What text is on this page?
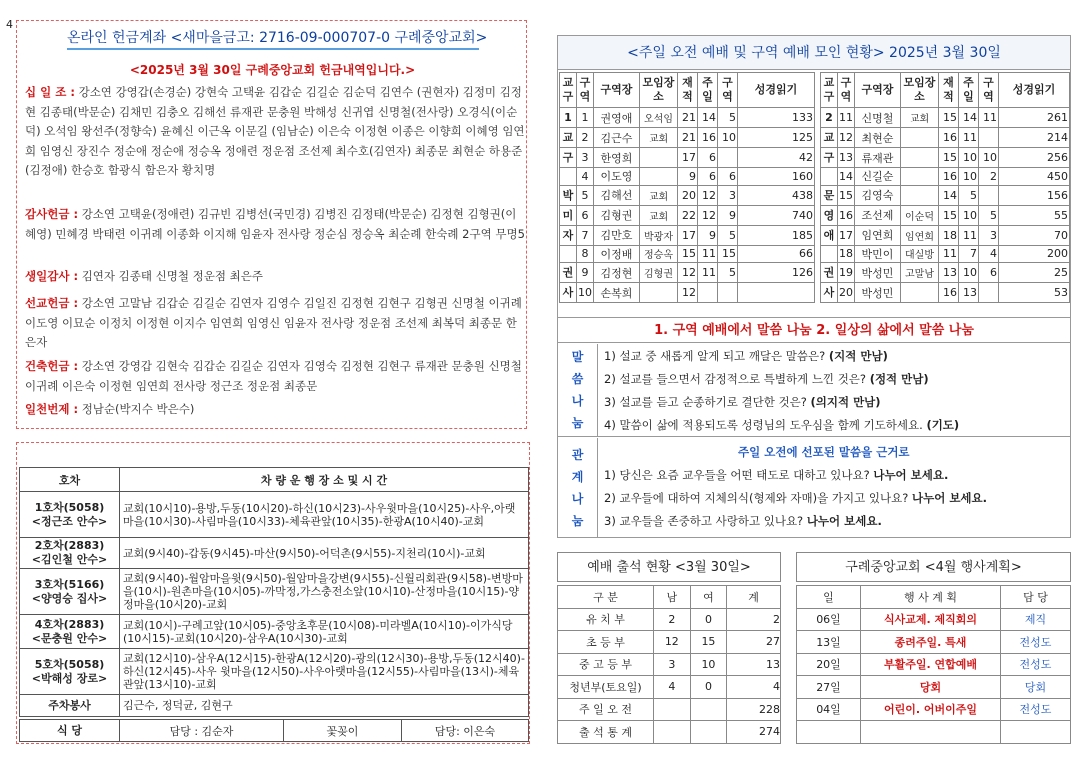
4
온라인 헌금계좌 <새마을금고: 2716-09-000707-0 구례중앙교회>
<2025년 3월 30일 구례중앙교회 헌금내역입니다.>
십 일 조 : 강소연 강영갑(손경순) 강현숙 고택윤 김갑순 김길순 김순덕 김연수 (권현자) 김정미 김정현 김종태(박문순) 김채민 김충오 김해선 류재관 문충원 박해성 신귀엽 신명철(전사랑) 오경식(이순덕) 오석임 왕선주(정향숙) 윤혜신 이근옥 이문길 (임남순) 이은숙 이정현 이종은 이향희 이혜영 임연희 임영신 장진수 정순애 정순애 정승옥 정애련 정운점 조선제 최수호(김연자) 최종문 최현순 하용준(김정애) 한승호 함광식 함은자 황치명
감사헌금 : 강소연 고택윤(정애련) 김규빈 김병선(국민경) 김병진 김정태(박문순) 김정현 김형권(이혜영) 민혜경 박태련 이귀례 이종화 이지해 임윤자 전사랑 정순심 정승옥 최순례 한숙례 2구역 무명5
생일감사 : 김연자 김종태 신명철 정운점 최은주
선교헌금 : 강소연 고말남 김갑순 김길순 김연자 김영수 김일진 김정현 김현구 김형권 신명철 이귀례 이도영 이묘순 이정치 이정현 이지수 임연희 임영신 임윤자 전사랑 정운점 조선제 최복덕 최종문 한은자
건축헌금 : 강소연 강영갑 김현숙 김갑순 김길순 김연자 김영숙 김정현 김현구 류재관 문충원 신명철 이귀례 이은숙 이정현 임연희 전사랑 정근조 정운점 최종문
일천번제 : 정남순(박지수 박은수)
호차	차 량 운 행 장 소 및 시 간
1호차(5058)
<정근조 안수>	교회(10시10)-용방,두동(10시20)-하신(10시23)-사우윗마을(10시25)-사우,아랫마을(10시30)-사림마을(10시33)-체육관앞(10시35)-한광A(10시40)-교회
2호차(2883)
<김인철 안수>	교회(9시40)-갑동(9시45)-마산(9시50)-어덕촌(9시55)-지천리(10시)-교회
3호차(5166)
<양영승 집사>	교회(9시40)-월암마을윗(9시50)-월암마을강변(9시55)-신월리회관(9시58)-변방마을(10시)-원촌마을(10시05)-까막정,가스충전소앞(10시10)-산정마을(10시15)-양정마을(10시20)-교회
4호차(2883)
<문충원 안수>	교회(10시)-구례고앞(10시05)-중앙초후문(10시08)-미라벨A(10시10)-이가식당(10시15)-교회(10시20)-삼우A(10시30)-교회
5호차(5058)
<박해성 장로>	교회(12시10)-삼우A(12시15)-한광A(12시20)-광의(12시30)-용방,두동(12시40)-하신(12시45)-사우 윗마을(12시50)-사우아랫마을(12시55)-사림마을(13시)-체육관앞(13시10)-교회
주차봉사	김근수, 정덕균, 김현구
식 당	담당 : 김순자	꽃꽂이	담당: 이은숙
<주일 오전 예배 및 구역 예배 모인 현황> 2025년 3월 30일
교구	구역	구역장	모임장소	재적	주일	구역	성경읽기
1	1	권영애	오석임	21	14	5	133
교	2	김근수	교회	21	16	10	125
구	3	한영희		17	6		42
	4	이도영		9	6	6	160
박	5	김해선	교회	20	12	3	438
미	6	김형권	교회	22	12	9	740
자	7	김만호	박광자	17	9	5	185
	8	이정배	정승옥	15	11	15	66
권	9	김정현	김형권	12	11	5	126
사	10	손복희		12			
교구	구역	구역장	모임장소	재적	주일	구역	성경읽기
2	11	신명철	교회	15	14	11	261
교	12	최현순		16	11		214
구	13	류재관		15	10	10	256
	14	신길순		16	10	2	450
문	15	김영숙		14	5		156
영	16	조선제	이순덕	15	10	5	55
애	17	임연희	임연희	18	11	3	70
	18	박민이	대실방	11	7	4	200
권	19	박성민	고말남	13	10	6	25
사	20	박성민		16	13		53
1. 구역 예배에서 말씀 나눔 2. 일상의 삶에서 말씀 나눔
말
씀
나
눔
1) 설교 중 새롭게 알게 되고 깨달은 말씀은? (지적 만남)
2) 설교를 들으면서 감정적으로 특별하게 느낀 것은? (정적 만남)
3) 설교를 듣고 순종하기로 결단한 것은? (의지적 만남)
4) 말씀이 삶에 적용되도록 성령님의 도우심을 함께 기도하세요. (기도)
관
계
나
눔
주일 오전에 선포된 말씀을 근거로
1) 당신은 요즘 교우들을 어떤 태도로 대하고 있나요? 나누어 보세요.
2) 교우들에 대하여 지체의식(형제와 자매)을 가지고 있나요? 나누어 보세요.
3) 교우들을 존중하고 사랑하고 있나요? 나누어 보세요.
예배 출석 현황 <3월 30일>
구 분	남	여	계
유 치 부	2	0	2
초 등 부	12	15	27
중 고 등 부	3	10	13
청년부(토요일)	4	0	4
주 일 오 전			228
출 석 통 계			274
구례중앙교회 <4월 행사계획>
일	행 사 계 획	담 당
06일	식사교제. 제직회의	제직
13일	종려주일. 특새	전성도
20일	부활주일. 연합예배	전성도
27일	당회	당회
04일	어린이. 어버이주일	전성도
